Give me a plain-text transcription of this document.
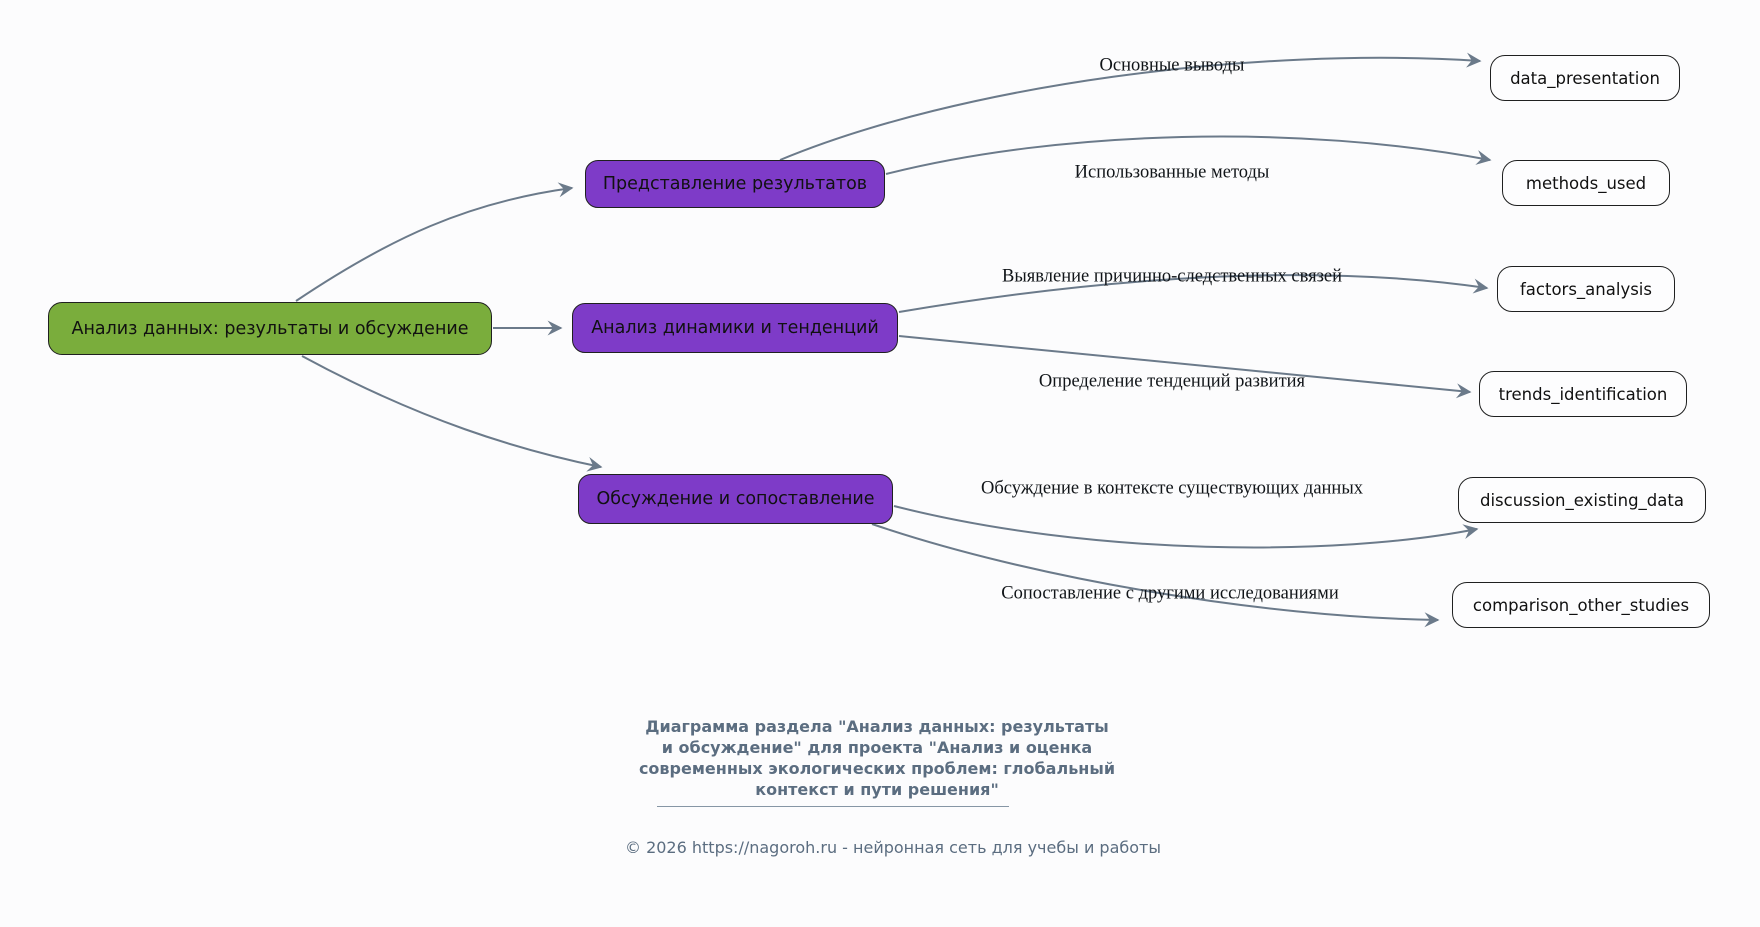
Анализ данных: результаты и обсуждение
Представление результатов
Анализ динамики и тенденций
Обсуждение и сопоставление
data_presentation
methods_used
factors_analysis
trends_identification
discussion_existing_data
comparison_other_studies
Основные выводы
Использованные методы
Выявление причинно-следственных связей
Определение тенденций развития
Обсуждение в контексте существующих данных
Сопоставление с другими исследованиями
Диаграмма раздела "Анализ данных: результаты
и обсуждение" для проекта "Анализ и оценка
современных экологических проблем: глобальный
контекст и пути решения"
© 2026 https://nagoroh.ru - нейронная сеть для учебы и работы
